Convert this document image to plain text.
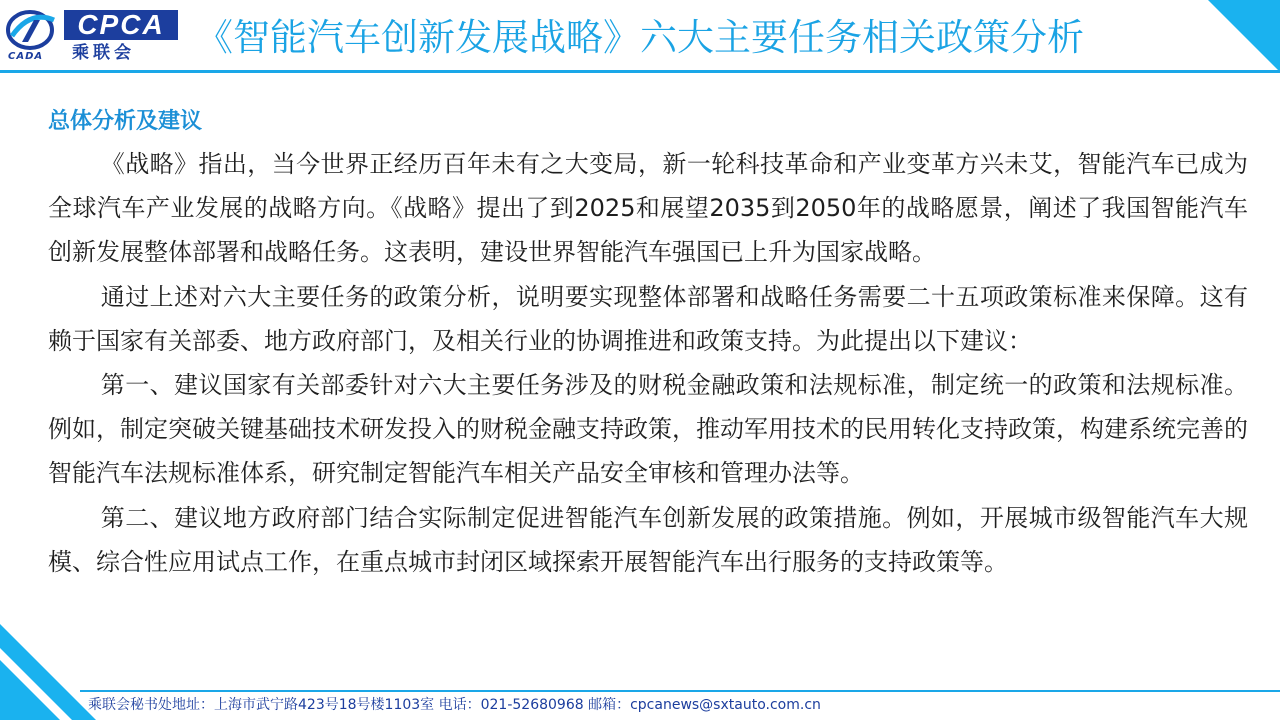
CADA
CPCA
乘联会	《智能汽车创新发展战略》六大主要任务相关政策分析
总体分析及建议

《战略》指出，当今世界正经历百年未有之大变局，新一轮科技革命和产业变革方兴未艾，智能汽车已成为全球汽车产业发展的战略方向。《战略》提出了到2025和展望2035到2050年的战略愿景，阐述了我国智能汽车创新发展整体部署和战略任务。这表明，建设世界智能汽车强国已上升为国家战略。

通过上述对六大主要任务的政策分析，说明要实现整体部署和战略任务需要二十五项政策标准来保障。这有赖于国家有关部委、地方政府部门，及相关行业的协调推进和政策支持。为此提出以下建议：

第一、建议国家有关部委针对六大主要任务涉及的财税金融政策和法规标准，制定统一的政策和法规标准。例如，制定突破关键基础技术研发投入的财税金融支持政策，推动军用技术的民用转化支持政策，构建系统完善的智能汽车法规标准体系，研究制定智能汽车相关产品安全审核和管理办法等。

第二、建议地方政府部门结合实际制定促进智能汽车创新发展的政策措施。例如，开展城市级智能汽车大规模、综合性应用试点工作，在重点城市封闭区域探索开展智能汽车出行服务的支持政策等。

乘联会秘书处地址：上海市武宁路423号18号楼1103室 电话：021-52680968 邮箱：cpcanews@sxtauto.com.cn
